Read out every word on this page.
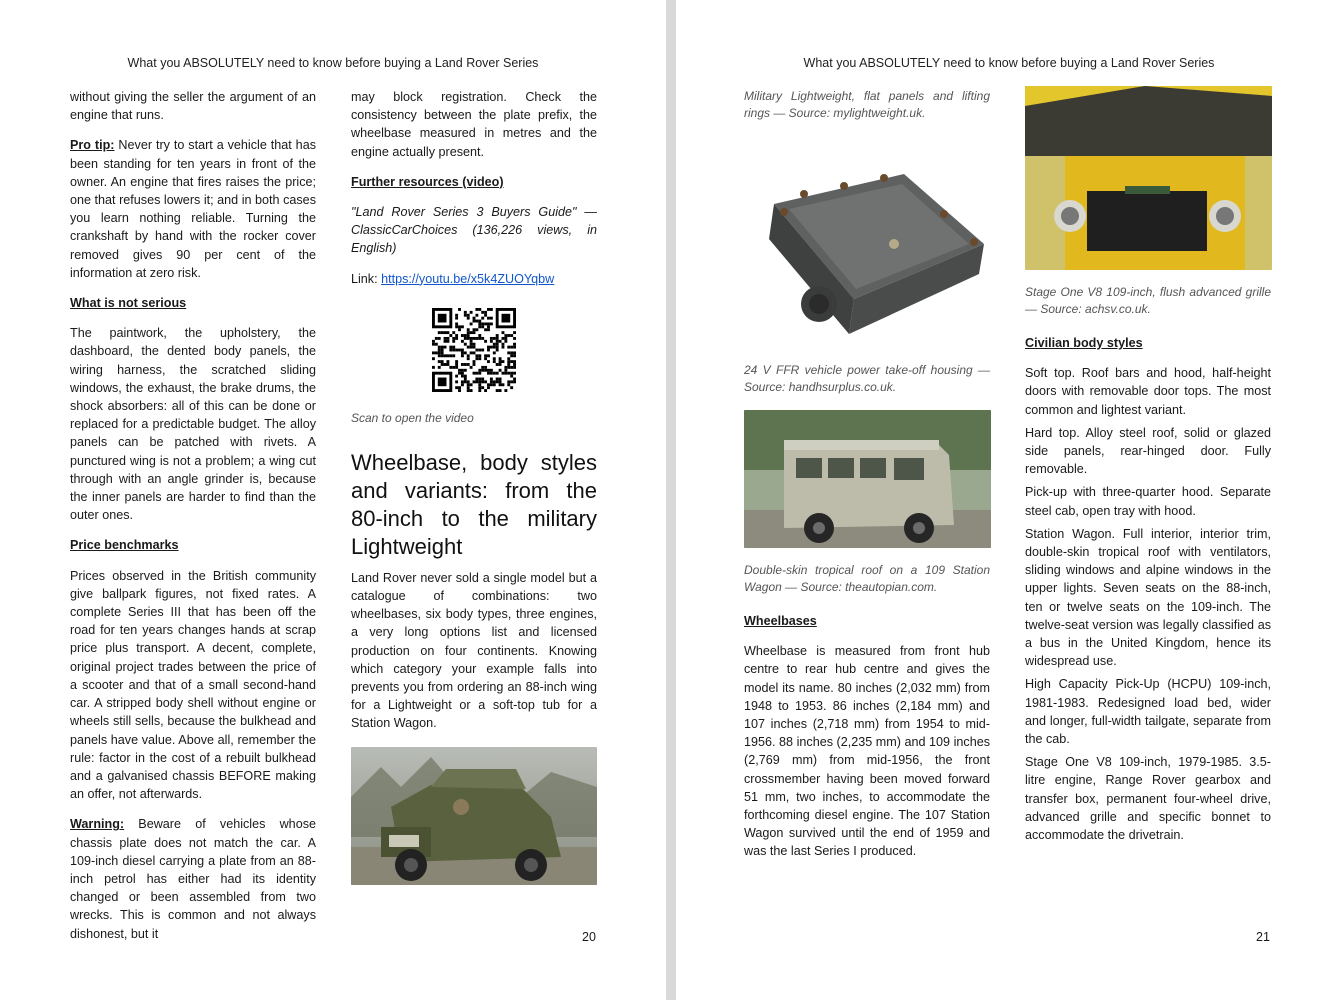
What you ABSOLUTELY need to know before buying a Land Rover Series

without giving the seller the argument of an engine that runs.

Pro tip: Never try to start a vehicle that has been standing for ten years in front of the owner. An engine that fires raises the price; one that refuses lowers it; and in both cases you learn nothing reliable. Turning the crankshaft by hand with the rocker cover removed gives 90 per cent of the information at zero risk.

What is not serious

The paintwork, the upholstery, the dashboard, the dented body panels, the wiring harness, the scratched sliding windows, the exhaust, the brake drums, the shock absorbers: all of this can be done or replaced for a predictable budget. The alloy panels can be patched with rivets. A punctured wing is not a problem; a wing cut through with an angle grinder is, because the inner panels are harder to find than the outer ones.

Price benchmarks

Prices observed in the British community give ballpark figures, not fixed rates. A complete Series III that has been off the road for ten years changes hands at scrap price plus transport. A decent, complete, original project trades between the price of a scooter and that of a small second-hand car. A stripped body shell without engine or wheels still sells, because the bulkhead and panels have value. Above all, remember the rule: factor in the cost of a rebuilt bulkhead and a galvanised chassis BEFORE making an offer, not afterwards.

Warning: Beware of vehicles whose chassis plate does not match the car. A 109-inch diesel carrying a plate from an 88-inch petrol has either had its identity changed or been assembled from two wrecks. This is common and not always dishonest, but it

may block registration. Check the consistency between the plate prefix, the wheelbase measured in metres and the engine actually present.

Further resources (video)

"Land Rover Series 3 Buyers Guide" — ClassicCarChoices (136,226 views, in English)

Link: https://youtu.be/x5k4ZUOYqbw

Scan to open the video

Wheelbase, body styles and variants: from the 80-inch to the military Lightweight

Land Rover never sold a single model but a catalogue of combinations: two wheelbases, six body types, three engines, a very long options list and licensed production on four continents. Knowing which category your example falls into prevents you from ordering an 88-inch wing for a Lightweight or a soft-top tub for a Station Wagon.

20
What you ABSOLUTELY need to know before buying a Land Rover Series

Military Lightweight, flat panels and lifting rings — Source: mylightweight.uk.

24 V FFR vehicle power take-off housing — Source: handhsurplus.co.uk.

Double-skin tropical roof on a 109 Station Wagon — Source: theautopian.com.

Wheelbases

Wheelbase is measured from front hub centre to rear hub centre and gives the model its name. 80 inches (2,032 mm) from 1948 to 1953. 86 inches (2,184 mm) and 107 inches (2,718 mm) from 1954 to mid-1956. 88 inches (2,235 mm) and 109 inches (2,769 mm) from mid-1956, the front crossmember having been moved forward 51 mm, two inches, to accommodate the forthcoming diesel engine. The 107 Station Wagon survived until the end of 1959 and was the last Series I produced.

Stage One V8 109-inch, flush advanced grille — Source: achsv.co.uk.

Civilian body styles

Soft top. Roof bars and hood, half-height doors with removable door tops. The most common and lightest variant.

Hard top. Alloy steel roof, solid or glazed side panels, rear-hinged door. Fully removable.

Pick-up with three-quarter hood. Separate steel cab, open tray with hood.

Station Wagon. Full interior, interior trim, double-skin tropical roof with ventilators, sliding windows and alpine windows in the upper lights. Seven seats on the 88-inch, ten or twelve seats on the 109-inch. The twelve-seat version was legally classified as a bus in the United Kingdom, hence its widespread use.

High Capacity Pick-Up (HCPU) 109-inch, 1981-1983. Redesigned load bed, wider and longer, full-width tailgate, separate from the cab.

Stage One V8 109-inch, 1979-1985. 3.5-litre engine, Range Rover gearbox and transfer box, permanent four-wheel drive, advanced grille and specific bonnet to accommodate the drivetrain.

21
